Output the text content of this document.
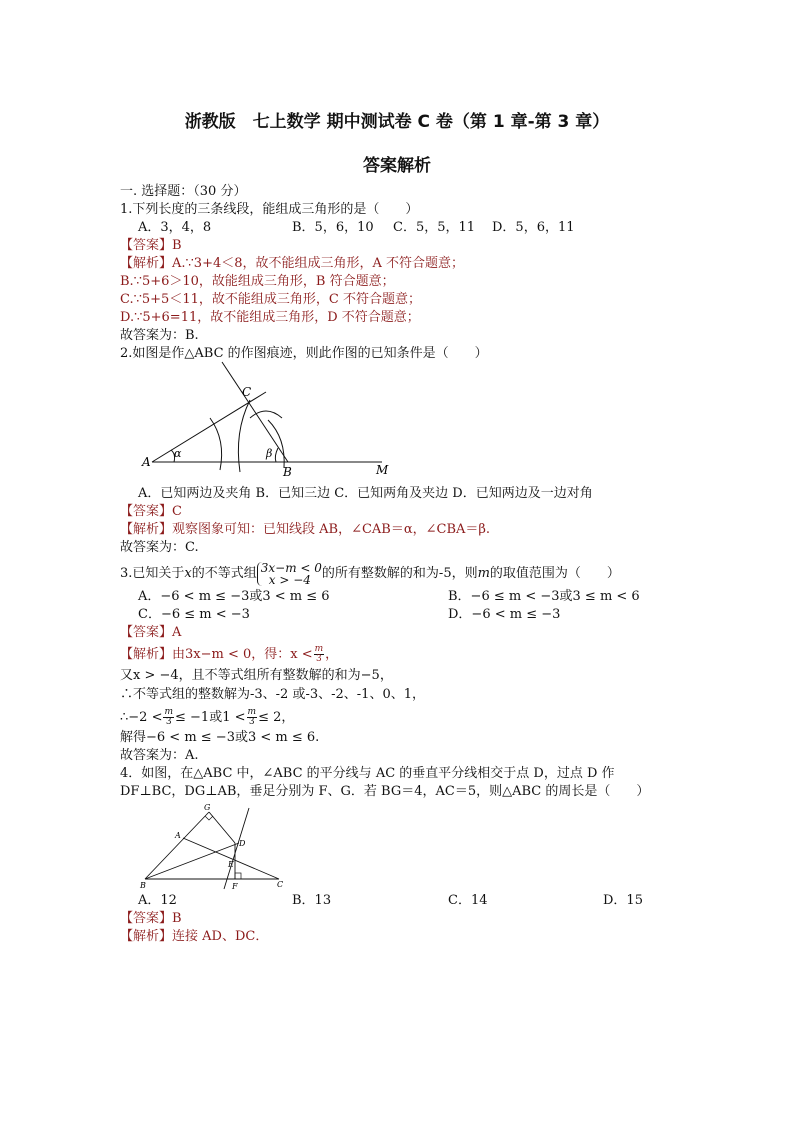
浙教版　七上数学 期中测试卷 C 卷（第 1 章-第 3 章）
答案解析
一. 选择题：（30 分）
1.下列长度的三条线段，能组成三角形的是（　　）
A．3，4，8	B．5，6，10 C．5，5，11 D．5，6，11
【答案】B
【解析】A.∵3+4＜8，故不能组成三角形，A 不符合题意；
B.∵5+6＞10，故能组成三角形，B 符合题意；
C.∵5+5＜11，故不能组成三角形，C 不符合题意；
D.∵5+6=11，故不能组成三角形，D 不符合题意；
故答案为：B.
2.如图是作△ABC 的作图痕迹，则此作图的已知条件是（　　）
A
α
C
β
B	M
A．已知两边及夹角 B．已知三边 C．已知两角及夹边 D．已知两边及一边对角
【答案】C
【解析】观察图象可知：已知线段 AB，∠CAB＝α，∠CBA＝β.
故答案为：C.
3.已知关于x的不等式组 3x−m < 0
x > −4 的所有整数解的和为-5，则m的取值范围为（　　）
A．−6 < m ≤ −3或3 < m ≤ 6	B．−6 ≤ m < −3或3 ≤ m < 6
C．−6 ≤ m < −3	D．−6 < m ≤ −3
【答案】A
【解析】由3x−m < 0，得：$x < \frac{m}{3}$ ，
又x > −4，且不等式组所有整数解的和为−5，
∴不等式组的整数解为-3、-2 或-3、-2、-1、0、1，
∴−2 < $\frac{m}{3} \le -1$或$1 < \frac{m}{3} \le 2$，
解得−6 < m ≤ −3或3 < m ≤ 6.
故答案为：A.
4．如图，在△ABC 中，∠ABC 的平分线与 AC 的垂直平分线相交于点 D，过点 D 作
DF⊥BC，DG⊥AB，垂足分别为 F、G．若 BG＝4，AC＝5，则△ABC 的周长是（　　）
G
A
D
E
B	F	C
A．12	B．13	C．14	D．15
【答案】B
【解析】连接 AD、DC．
